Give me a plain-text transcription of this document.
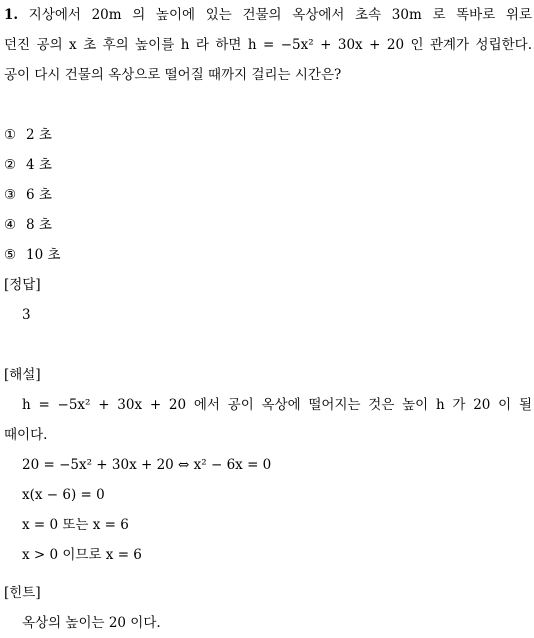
1. 지상에서 20m 의 높이에 있는 건물의 옥상에서 초속 30m 로 똑바로 위로
던진 공의 x 초 후의 높이를 h 라 하면 h = −5x² + 30x + 20 인 관계가 성립한다.
공이 다시 건물의 옥상으로 떨어질 때까지 걸리는 시간은?
① 2 초
② 4 초
③ 6 초
④ 8 초
⑤ 10 초
[정답]
3
[해설]
h = −5x² + 30x + 20 에서 공이 옥상에 떨어지는 것은 높이 h 가 20 이 될
때이다.
20 = −5x² + 30x + 20 ⇔ x² − 6x = 0
x(x − 6) = 0
x = 0 또는 x = 6
x > 0 이므로 x = 6
[힌트]
옥상의 높이는 20 이다.
